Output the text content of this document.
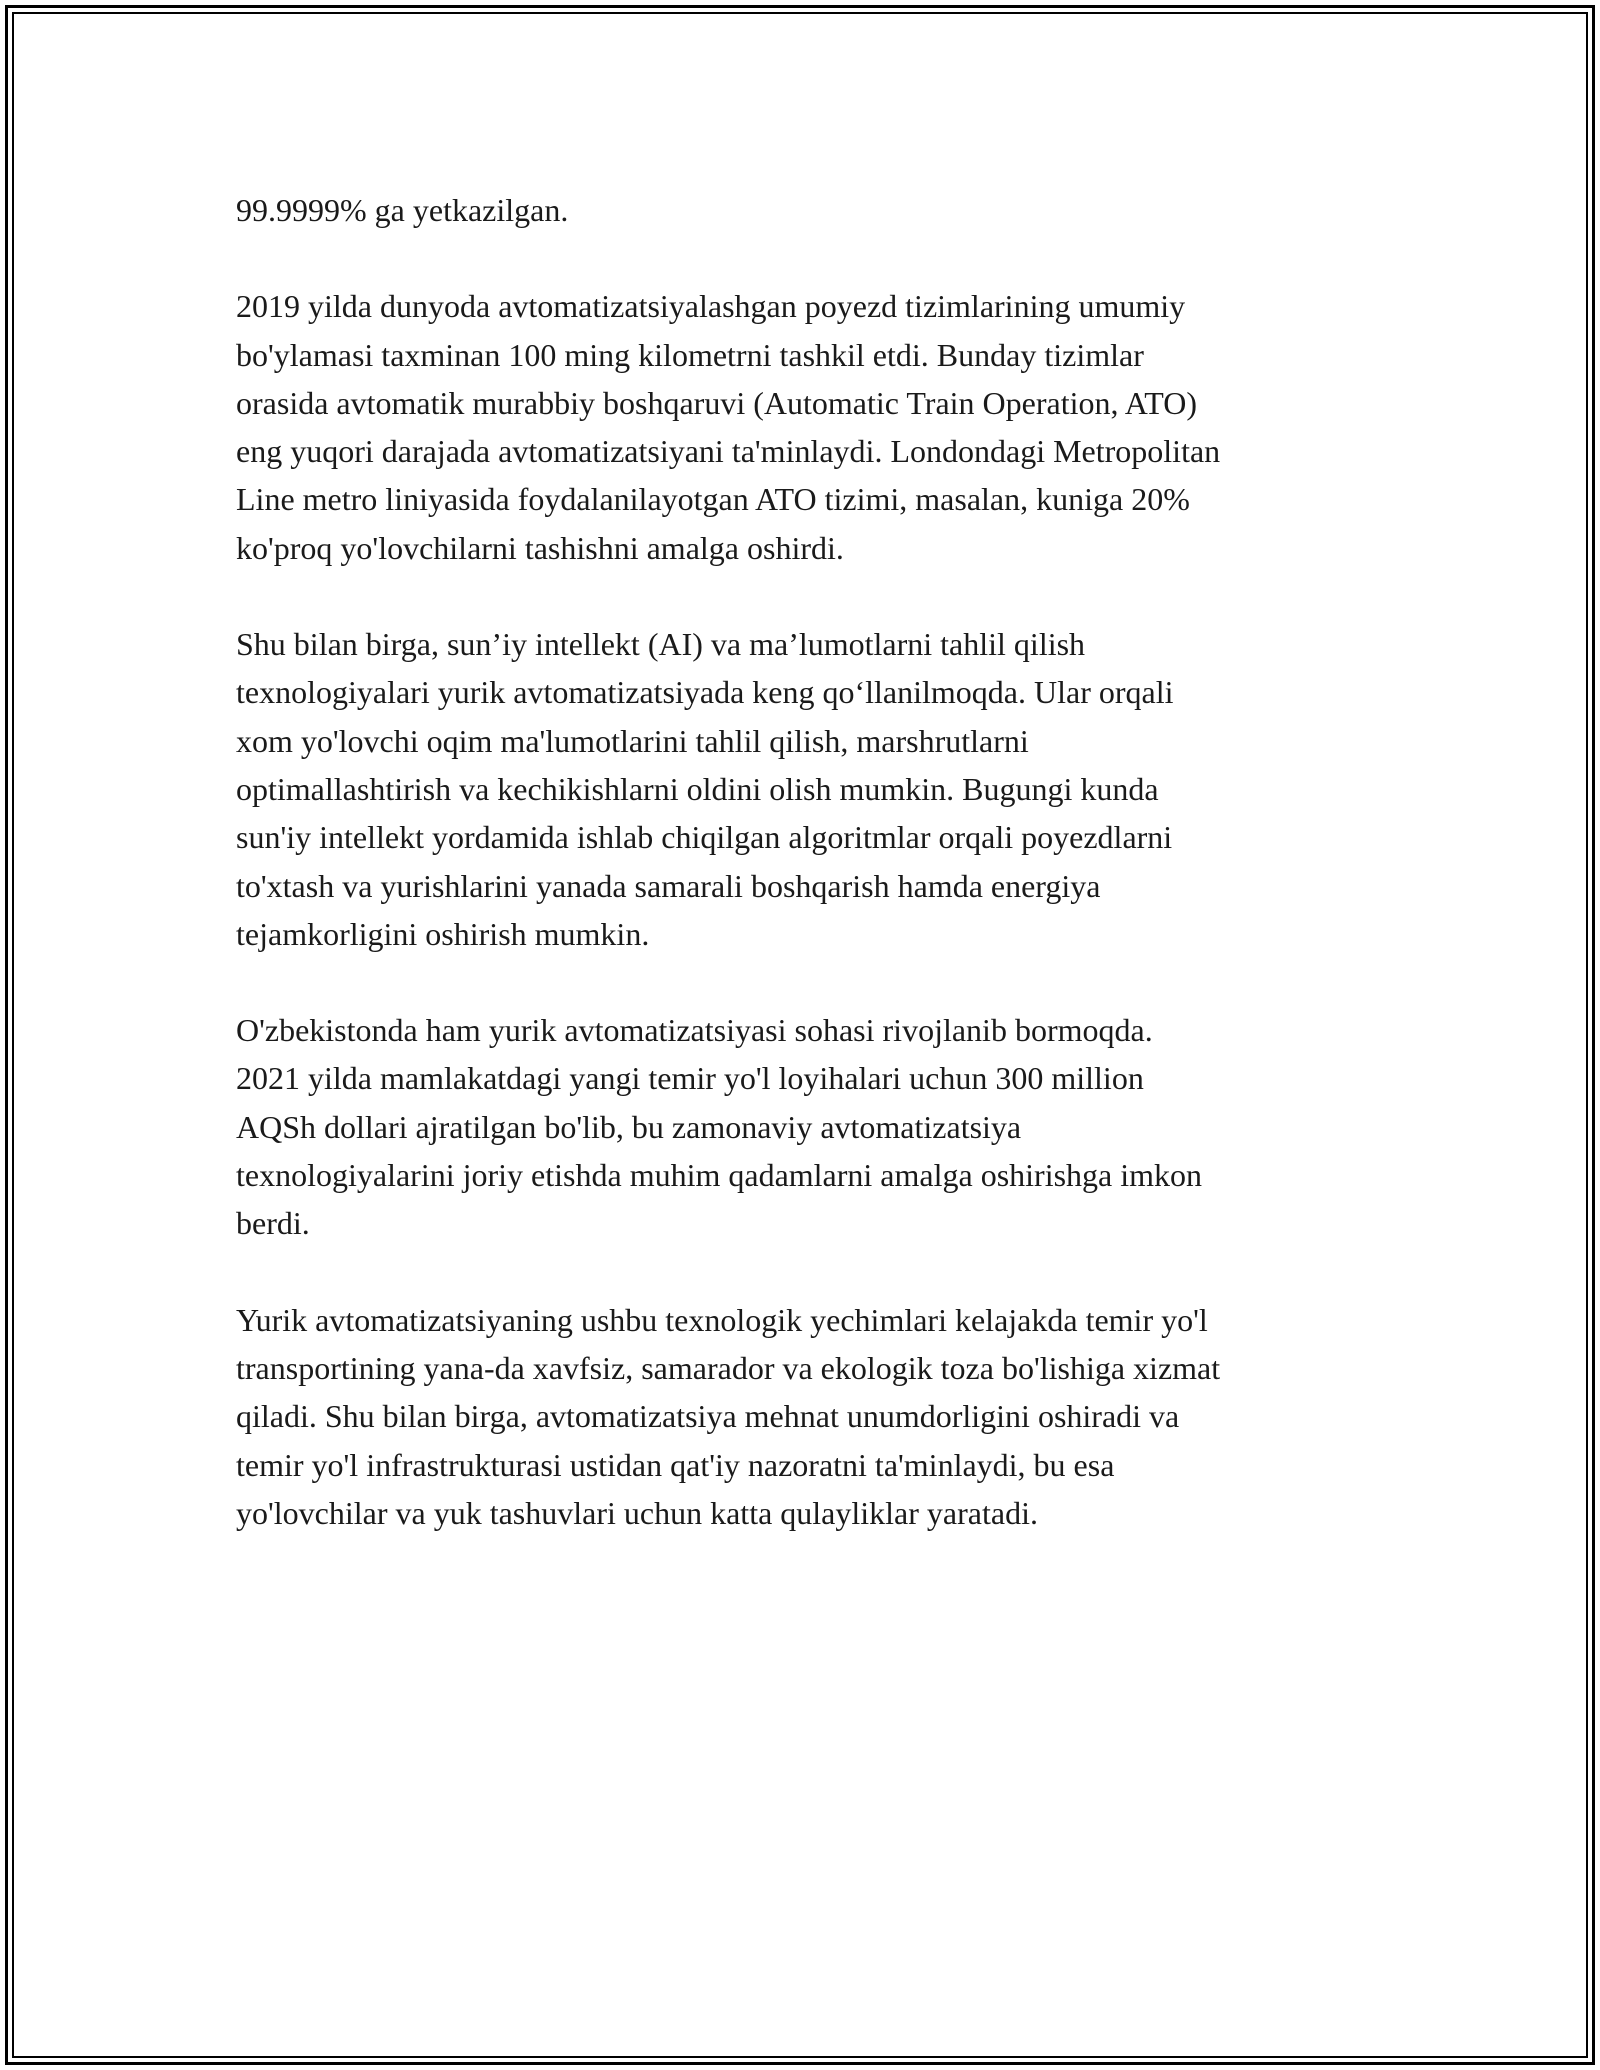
99.9999% ga yetkazilgan.

2019 yilda dunyoda avtomatizatsiyalashgan poyezd tizimlarining umumiy
bo'ylamasi taxminan 100 ming kilometrni tashkil etdi. Bunday tizimlar
orasida avtomatik murabbiy boshqaruvi (Automatic Train Operation, ATO)
eng yuqori darajada avtomatizatsiyani ta'minlaydi. Londondagi Metropolitan
Line metro liniyasida foydalanilayotgan ATO tizimi, masalan, kuniga 20%
ko'proq yo'lovchilarni tashishni amalga oshirdi.

Shu bilan birga, sun’iy intellekt (AI) va ma’lumotlarni tahlil qilish
texnologiyalari yurik avtomatizatsiyada keng qo‘llanilmoqda. Ular orqali
xom yo'lovchi oqim ma'lumotlarini tahlil qilish, marshrutlarni
optimallashtirish va kechikishlarni oldini olish mumkin. Bugungi kunda
sun'iy intellekt yordamida ishlab chiqilgan algoritmlar orqali poyezdlarni
to'xtash va yurishlarini yanada samarali boshqarish hamda energiya
tejamkorligini oshirish mumkin.

O'zbekistonda ham yurik avtomatizatsiyasi sohasi rivojlanib bormoqda.
2021 yilda mamlakatdagi yangi temir yo'l loyihalari uchun 300 million
AQSh dollari ajratilgan bo'lib, bu zamonaviy avtomatizatsiya
texnologiyalarini joriy etishda muhim qadamlarni amalga oshirishga imkon
berdi.

Yurik avtomatizatsiyaning ushbu texnologik yechimlari kelajakda temir yo'l
transportining yana-da xavfsiz, samarador va ekologik toza bo'lishiga xizmat
qiladi. Shu bilan birga, avtomatizatsiya mehnat unumdorligini oshiradi va
temir yo'l infrastrukturasi ustidan qat'iy nazoratni ta'minlaydi, bu esa
yo'lovchilar va yuk tashuvlari uchun katta qulayliklar yaratadi.
